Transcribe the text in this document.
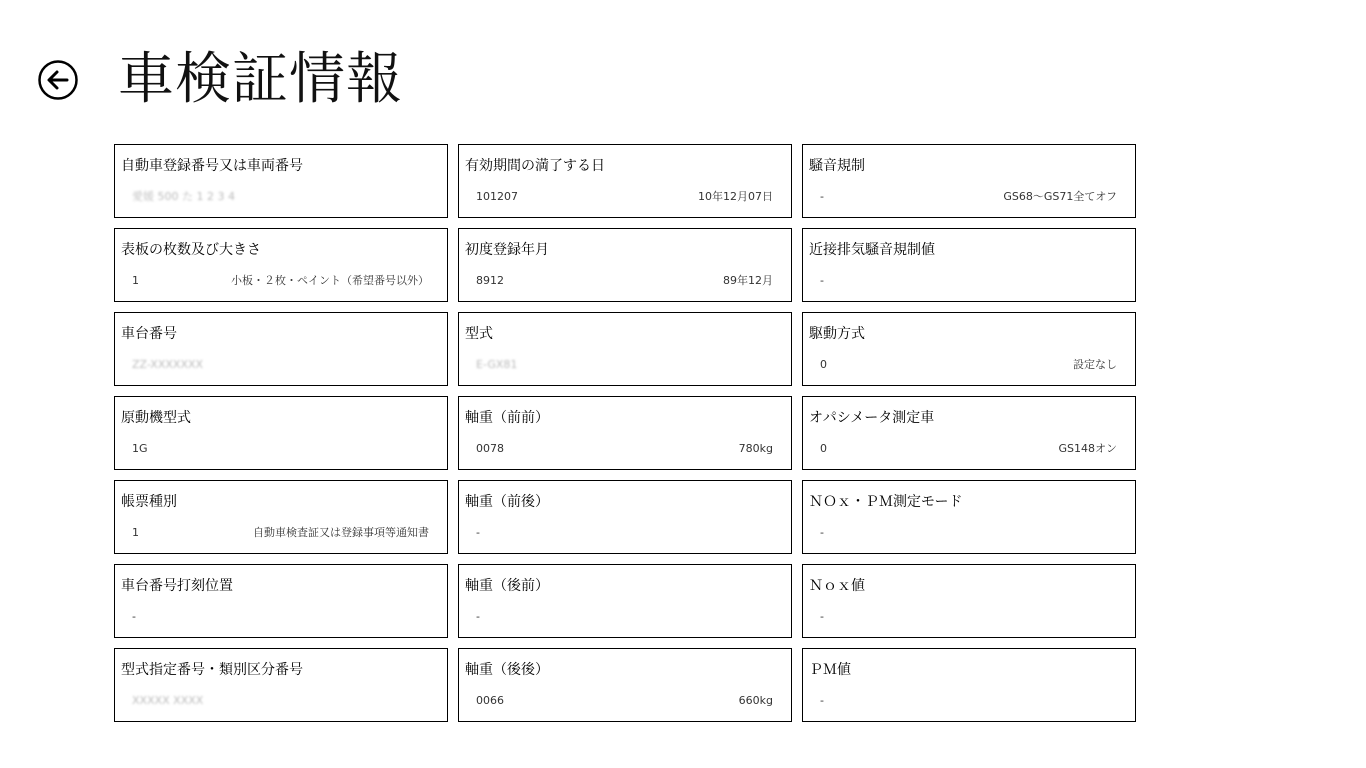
車検証情報
自動車登録番号又は車両番号
愛媛 500 た 1 2 3 4
有効期間の満了する日
101207	10年12月07日
騒音規制
-	GS68～GS71全てオフ
表板の枚数及び大きさ
1	小板・２枚・ペイント（希望番号以外）
初度登録年月
8912	89年12月
近接排気騒音規制値
-
車台番号
ZZ-XXXXXXX
型式
E-GX81
駆動方式
0	設定なし
原動機型式
1G
軸重（前前）
0078	780kg
オパシメータ測定車
0	GS148オン
帳票種別
1	自動車検査証又は登録事項等通知書
軸重（前後）
-
ＮＯｘ・ＰＭ測定モード
-
車台番号打刻位置
-
軸重（後前）
-
Ｎｏｘ値
-
型式指定番号・類別区分番号
XXXXX XXXX
軸重（後後）
0066	660kg
ＰＭ値
-
